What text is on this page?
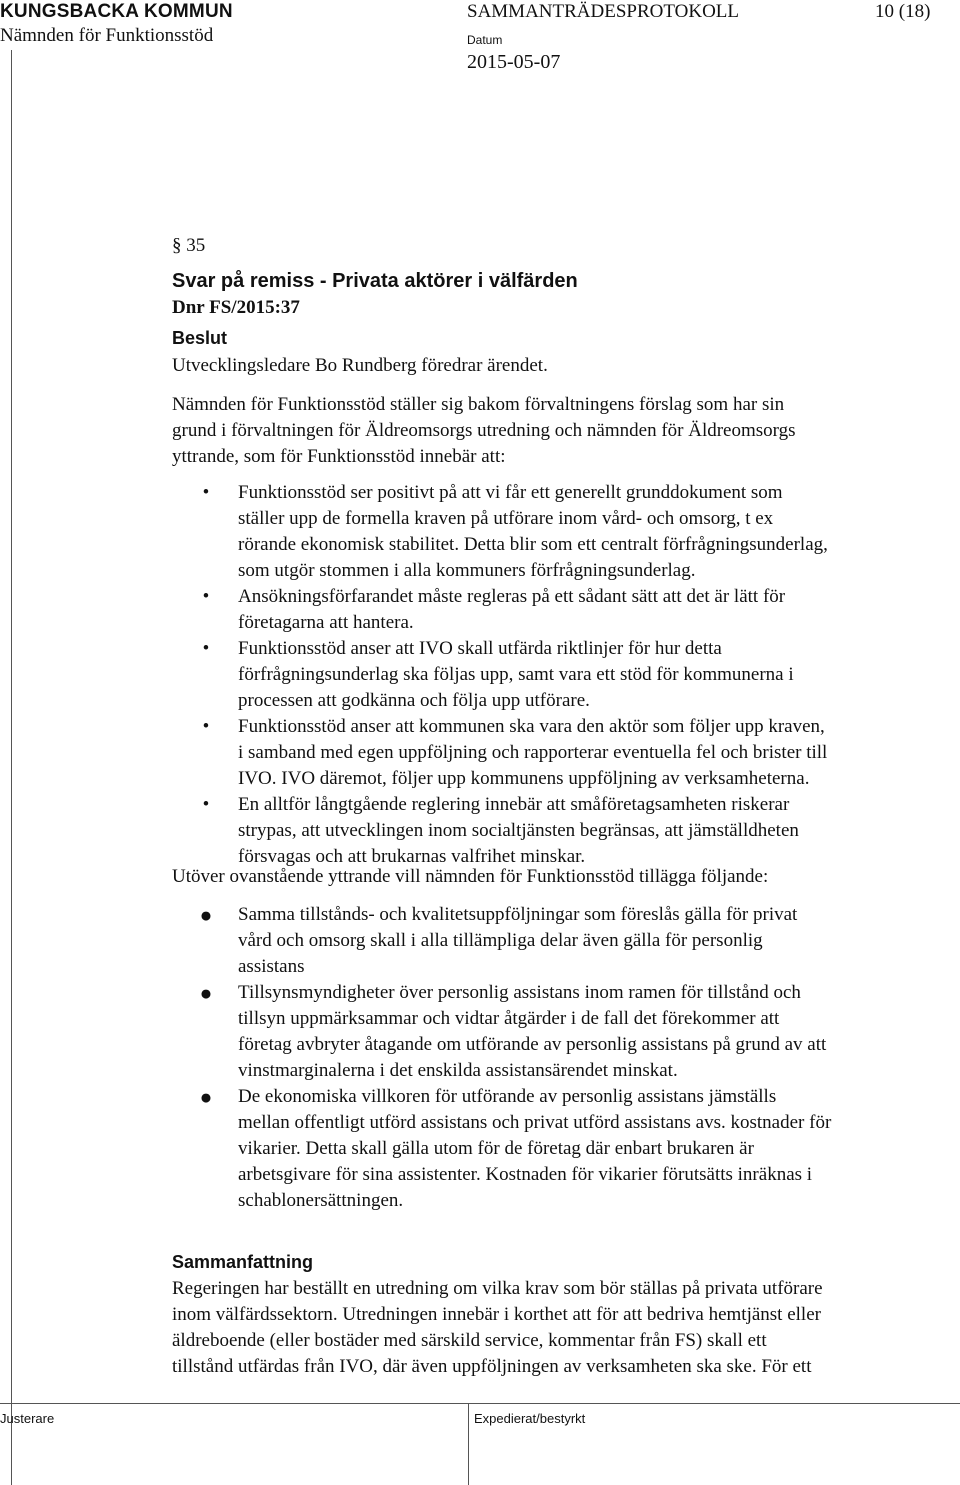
KUNGSBACKA KOMMUN
Nämnden för Funktionsstöd
SAMMANTRÄDESPROTOKOLL	10 (18)
Datum
2015-05-07
§ 35
Svar på remiss - Privata aktörer i välfärden
Dnr FS/2015:37
Beslut
Utvecklingsledare Bo Rundberg föredrar ärendet.
Nämnden för Funktionsstöd ställer sig bakom förvaltningens förslag som har sin
grund i förvaltningen för Äldreomsorgs utredning och nämnden för Äldreomsorgs
yttrande, som för Funktionsstöd innebär att:
•	Funktionsstöd ser positivt på att vi får ett generellt grunddokument som
ställer upp de formella kraven på utförare inom vård- och omsorg, t ex
rörande ekonomisk stabilitet. Detta blir som ett centralt förfrågningsunderlag,
som utgör stommen i alla kommuners förfrågningsunderlag.
•	Ansökningsförfarandet måste regleras på ett sådant sätt att det är lätt för
företagarna att hantera.
•	Funktionsstöd anser att IVO skall utfärda riktlinjer för hur detta
förfrågningsunderlag ska följas upp, samt vara ett stöd för kommunerna i
processen att godkänna och följa upp utförare.
•	Funktionsstöd anser att kommunen ska vara den aktör som följer upp kraven,
i samband med egen uppföljning och rapporterar eventuella fel och brister till
IVO. IVO däremot, följer upp kommunens uppföljning av verksamheterna.
•	En alltför långtgående reglering innebär att småföretagsamheten riskerar
strypas, att utvecklingen inom socialtjänsten begränsas, att jämställdheten
försvagas och att brukarnas valfrihet minskar.
Utöver ovanstående yttrande vill nämnden för Funktionsstöd tillägga följande:
● Samma tillstånds- och kvalitetsuppföljningar som föreslås gälla för privat
vård och omsorg skall i alla tillämpliga delar även gälla för personlig
assistans
● Tillsynsmyndigheter över personlig assistans inom ramen för tillstånd och
tillsyn uppmärksammar och vidtar åtgärder i de fall det förekommer att
företag avbryter åtagande om utförande av personlig assistans på grund av att
vinstmarginalerna i det enskilda assistansärendet minskat.
● De ekonomiska villkoren för utförande av personlig assistans jämställs
mellan offentligt utförd assistans och privat utförd assistans avs. kostnader för
vikarier. Detta skall gälla utom för de företag där enbart brukaren är
arbetsgivare för sina assistenter. Kostnaden för vikarier förutsätts inräknas i
schablonersättningen.
Sammanfattning
Regeringen har beställt en utredning om vilka krav som bör ställas på privata utförare
inom välfärdssektorn. Utredningen innebär i korthet att för att bedriva hemtjänst eller
äldreboende (eller bostäder med särskild service, kommentar från FS) skall ett
tillstånd utfärdas från IVO, där även uppföljningen av verksamheten ska ske. För ett
Justerare	Expedierat/bestyrkt
